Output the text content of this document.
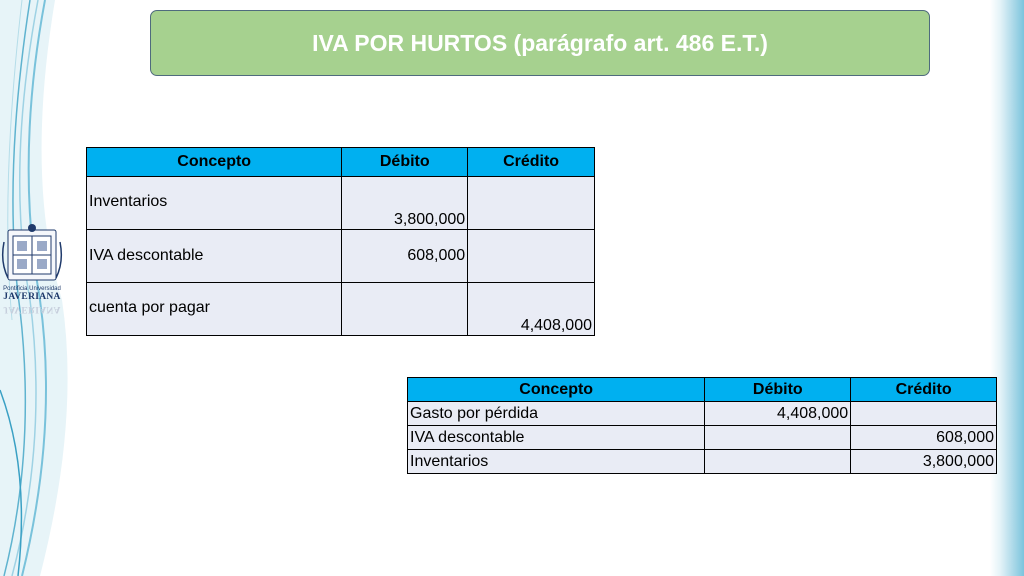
IVA POR HURTOS (parágrafo art. 486 E.T.)
Pontificia Universidad
JAVERIANA
JAVERIANA
Concepto	Débito	Crédito
Inventarios	3,800,000	
IVA descontable	608,000	
cuenta por pagar		4,408,000
Concepto	Débito	Crédito
Gasto por pérdida	4,408,000	
IVA descontable		608,000
Inventarios		3,800,000
